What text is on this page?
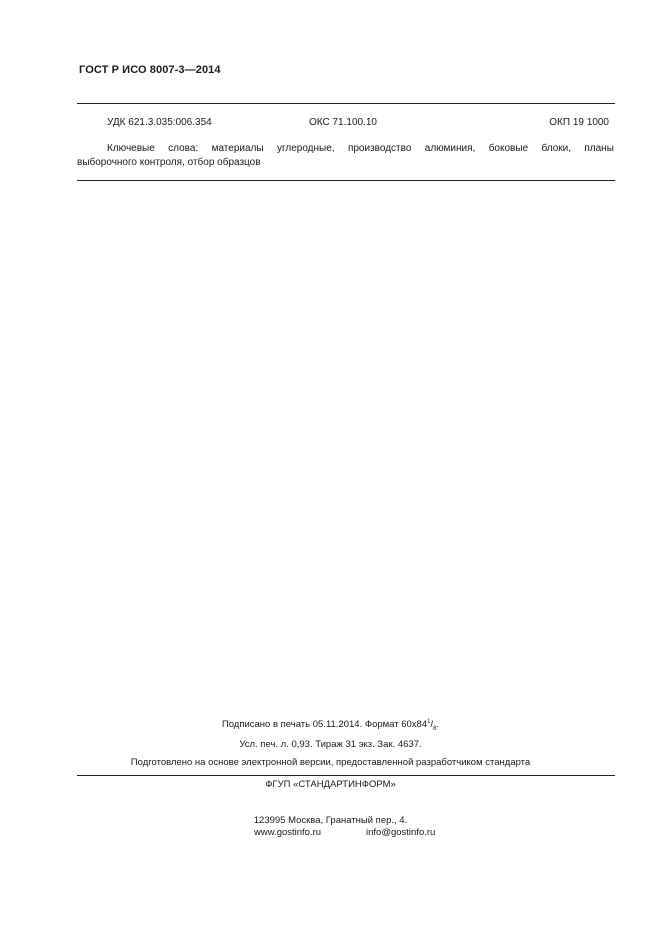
ГОСТ Р ИСО 8007-3—2014
УДК 621.3.035:006.354	ОКС 71.100.10	ОКП 19 1000
Ключевые слова: материалы углеродные, производство алюминия, боковые блоки, планы
выборочного контроля, отбор образцов
Подписано в печать 05.11.2014. Формат $60x84^1/_8$.
Усл. печ. л. 0,93. Тираж 31 экз. Зак. 4637.
Подготовлено на основе электронной версии, предоставленной разработчиком стандарта
ФГУП «СТАНДАРТИНФОРМ»
123995 Москва, Гранатный пер., 4.
www.gostinfo.ru	info@gostinfo.ru
